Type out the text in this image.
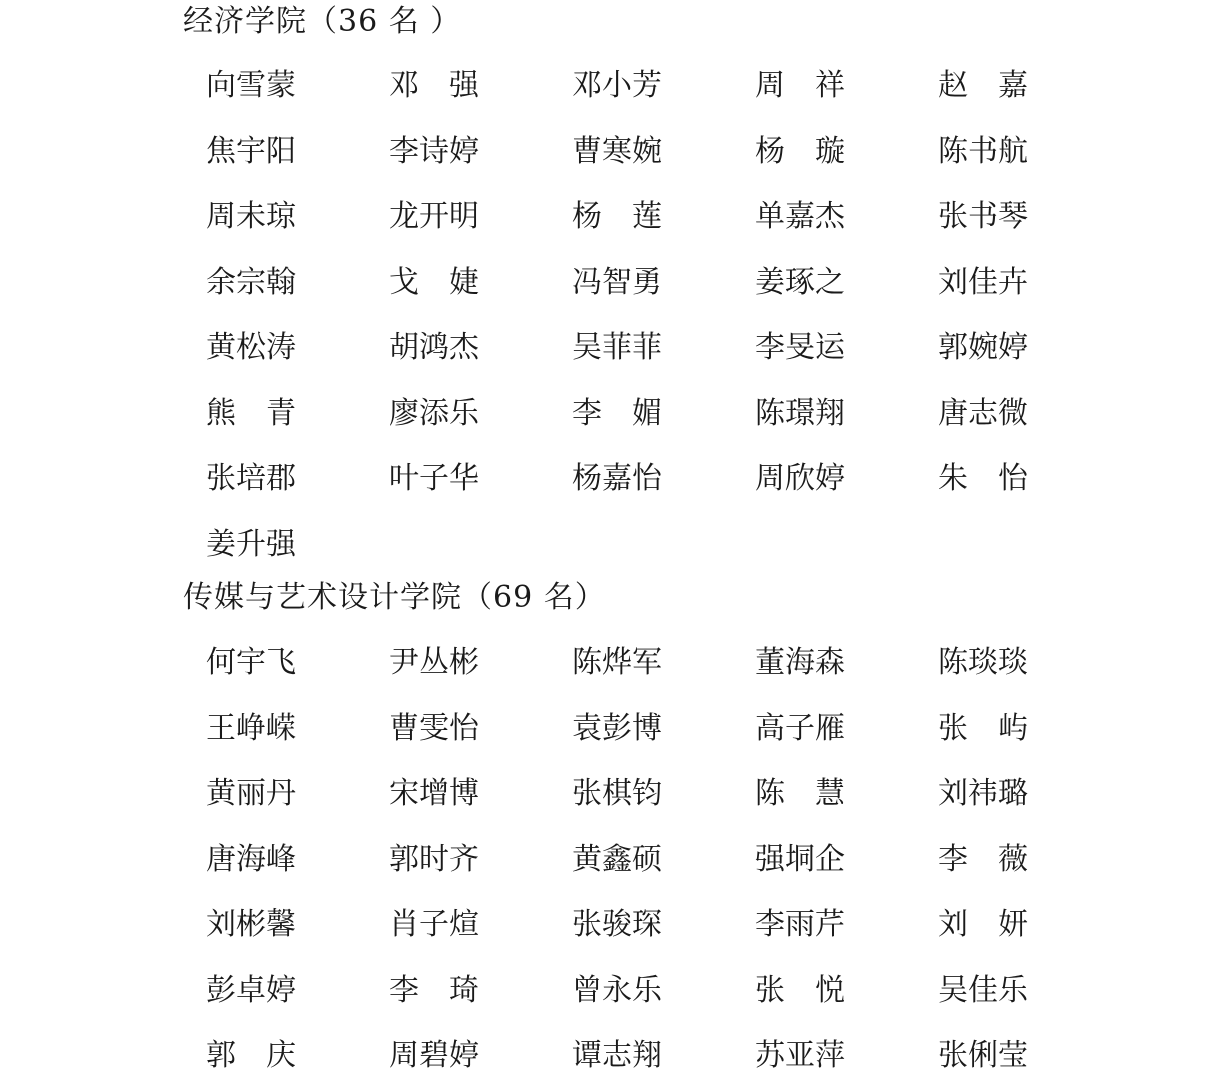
经济学院（36 名 ）
向雪蒙	邓　强	邓小芳	周　祥	赵　嘉
焦宇阳	李诗婷	曹寒婉	杨　璇	陈书航
周未琼	龙开明	杨　莲	单嘉杰	张书琴
余宗翰	戈　婕	冯智勇	姜琢之	刘佳卉
黄松涛	胡鸿杰	吴菲菲	李旻运	郭婉婷
熊　青	廖添乐	李　媚	陈璟翔	唐志微
张培郡	叶子华	杨嘉怡	周欣婷	朱　怡
姜升强
传媒与艺术设计学院（69 名）
何宇飞	尹丛彬	陈烨军	董海森	陈琰琰
王峥嵘	曹雯怡	袁彭博	高子雁	张　屿
黄丽丹	宋增博	张棋钧	陈　慧	刘祎璐
唐海峰	郭时齐	黄鑫硕	强垌企	李　薇
刘彬馨	肖子煊	张骏琛	李雨芹	刘　妍
彭卓婷	李　琦	曾永乐	张　悦	吴佳乐
郭　庆	周碧婷	谭志翔	苏亚萍	张俐莹
